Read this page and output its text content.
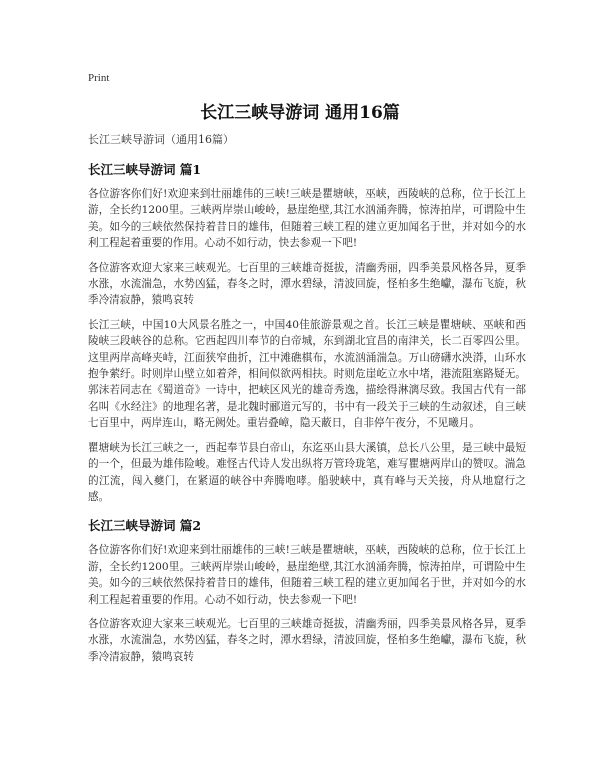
Print
长江三峡导游词 通用16篇
长江三峡导游词（通用16篇）
长江三峡导游词 篇1

各位游客你们好!欢迎来到壮丽雄伟的三峡!三峡是瞿塘峡，巫峡，西陵峡的总称，位于长江上游，全长约1200里。三峡两岸崇山峻岭，悬崖绝壁,其江水汹涌奔腾，惊涛拍岸，可谓险中生美。如今的三峡依然保持着昔日的雄伟，但随着三峡工程的建立更加闻名于世，并对如今的水利工程起着重要的作用。心动不如行动，快去参观一下吧!

各位游客欢迎大家来三峡观光。七百里的三峡雄奇挺拔，清幽秀丽，四季美景风格各异，夏季水涨，水流湍急，水势凶猛，春冬之时，潭水碧绿，清波回旋，怪柏多生绝巘，瀑布飞旋，秋季冷清寂静，猿鸣哀转

长江三峡，中国10大风景名胜之一，中国40佳旅游景观之首。长江三峡是瞿塘峡、巫峡和西陵峡三段峡谷的总称。它西起四川奉节的白帝城，东到湖北宜昌的南津关，长二百零四公里。这里两岸高峰夹峙，江面狭窄曲折，江中滩礁棋布，水流汹涌湍急。万山磅礴水泱漭，山环水抱争萦纡。时则岸山壁立如着斧，相间似欲两相扶。时则危崖屹立水中堵，港流阻塞路疑无。郭沫若同志在《蜀道奇》一诗中，把峡区风光的雄奇秀逸，描绘得淋漓尽致。我国古代有一部名叫《水经注》的地理名著，是北魏时郦道元写的，书中有一段关于三峡的生动叙述，自三峡七百里中，两岸连山，略无阙处。重岩叠嶂，隐天蔽日，自非停午夜分，不见曦月。

瞿塘峡为长江三峡之一，西起奉节县白帝山，东迄巫山县大溪镇，总长八公里，是三峡中最短的一个，但最为雄伟险峻。难怪古代诗人发出纵将万管玲珑笔，难写瞿塘两岸山的赞叹。湍急的江流，闯入夔门，在紧逼的峡谷中奔腾咆哮。船驶峡中，真有峰与天关接，舟从地窟行之感。

长江三峡导游词 篇2

各位游客你们好!欢迎来到壮丽雄伟的三峡!三峡是瞿塘峡，巫峡，西陵峡的总称，位于长江上游，全长约1200里。三峡两岸崇山峻岭，悬崖绝壁,其江水汹涌奔腾，惊涛拍岸，可谓险中生美。如今的三峡依然保持着昔日的雄伟，但随着三峡工程的建立更加闻名于世，并对如今的水利工程起着重要的作用。心动不如行动，快去参观一下吧!

各位游客欢迎大家来三峡观光。七百里的三峡雄奇挺拔，清幽秀丽，四季美景风格各异，夏季水涨，水流湍急，水势凶猛，春冬之时，潭水碧绿，清波回旋，怪柏多生绝巘，瀑布飞旋，秋季冷清寂静，猿鸣哀转
